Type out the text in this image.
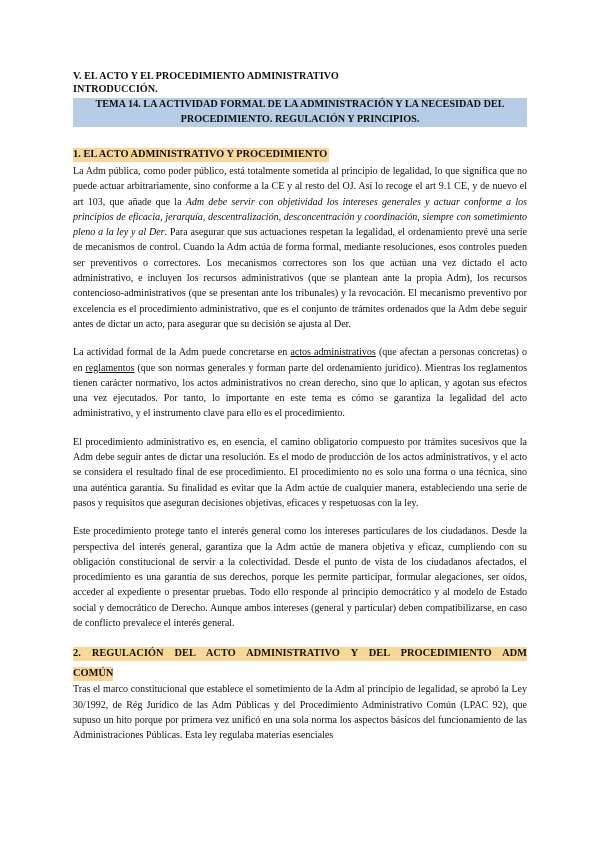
V. EL ACTO Y EL PROCEDIMIENTO ADMINISTRATIVO

INTRODUCCIÓN.

TEMA 14. LA ACTIVIDAD FORMAL DE LA ADMINISTRACIÓN Y LA NECESIDAD DEL PROCEDIMIENTO. REGULACIÓN Y PRINCIPIOS.

1. EL ACTO ADMINISTRATIVO Y PROCEDIMIENTO

La Adm pública, como poder público, está totalmente sometida al principio de legalidad, lo que significa que no puede actuar arbitrariamente, sino conforme a la CE y al resto del OJ. Así lo recoge el art 9.1 CE, y de nuevo el art 103, que añade que la Adm debe servir con objetividad los intereses generales y actuar conforme a los principios de eficacia, jerarquía, descentralización, desconcentración y coordinación, siempre con sometimiento pleno a la ley y al Der. Para asegurar que sus actuaciones respetan la legalidad, el ordenamiento prevé una serie de mecanismos de control. Cuando la Adm actúa de forma formal, mediante resoluciones, esos controles pueden ser preventivos o correctores. Los mecanismos correctores son los que actúan una vez dictado el acto administrativo, e incluyen los recursos administrativos (que se plantean ante la propia Adm), los recursos contencioso-administrativos (que se presentan ante los tribunales) y la revocación. El mecanismo preventivo por excelencia es el procedimiento administrativo, que es el conjunto de trámites ordenados que la Adm debe seguir antes de dictar un acto, para asegurar que su decisión se ajusta al Der.

La actividad formal de la Adm puede concretarse en actos administrativos (que afectan a personas concretas) o en reglamentos (que son normas generales y forman parte del ordenamiento jurídico). Mientras los reglamentos tienen carácter normativo, los actos administrativos no crean derecho, sino que lo aplican, y agotan sus efectos una vez ejecutados. Por tanto, lo importante en este tema es cómo se garantiza la legalidad del acto administrativo, y el instrumento clave para ello es el procedimiento.

El procedimiento administrativo es, en esencia, el camino obligatorio compuesto por trámites sucesivos que la Adm debe seguir antes de dictar una resolución. Es el modo de producción de los actos administrativos, y el acto se considera el resultado final de ese procedimiento. El procedimiento no es solo una forma o una técnica, sino una auténtica garantía. Su finalidad es evitar que la Adm actúe de cualquier manera, estableciendo una serie de pasos y requisitos que aseguran decisiones objetivas, eficaces y respetuosas con la ley.

Este procedimiento protege tanto el interés general como los intereses particulares de los ciudadanos. Desde la perspectiva del interés general, garantiza que la Adm actúe de manera objetiva y eficaz, cumpliendo con su obligación constitucional de servir a la colectividad. Desde el punto de vista de los ciudadanos afectados, el procedimiento es una garantía de sus derechos, porque les permite participar, formular alegaciones, ser oídos, acceder al expediente o presentar pruebas. Todo ello responde al principio democrático y al modelo de Estado social y democrático de Derecho. Aunque ambos intereses (general y particular) deben compatibilizarse, en caso de conflicto prevalece el interés general.

2. REGULACIÓN DEL ACTO ADMINISTRATIVO Y DEL PROCEDIMIENTO ADM
COMÚN

Tras el marco constitucional que establece el sometimiento de la Adm al principio de legalidad, se aprobó la Ley 30/1992, de Rég Jurídico de las Adm Públicas y del Procedimiento Administrativo Común (LPAC 92), que supuso un hito porque por primera vez unificó en una sola norma los aspectos básicos del funcionamiento de las Administraciones Públicas. Esta ley regulaba materias esenciales
